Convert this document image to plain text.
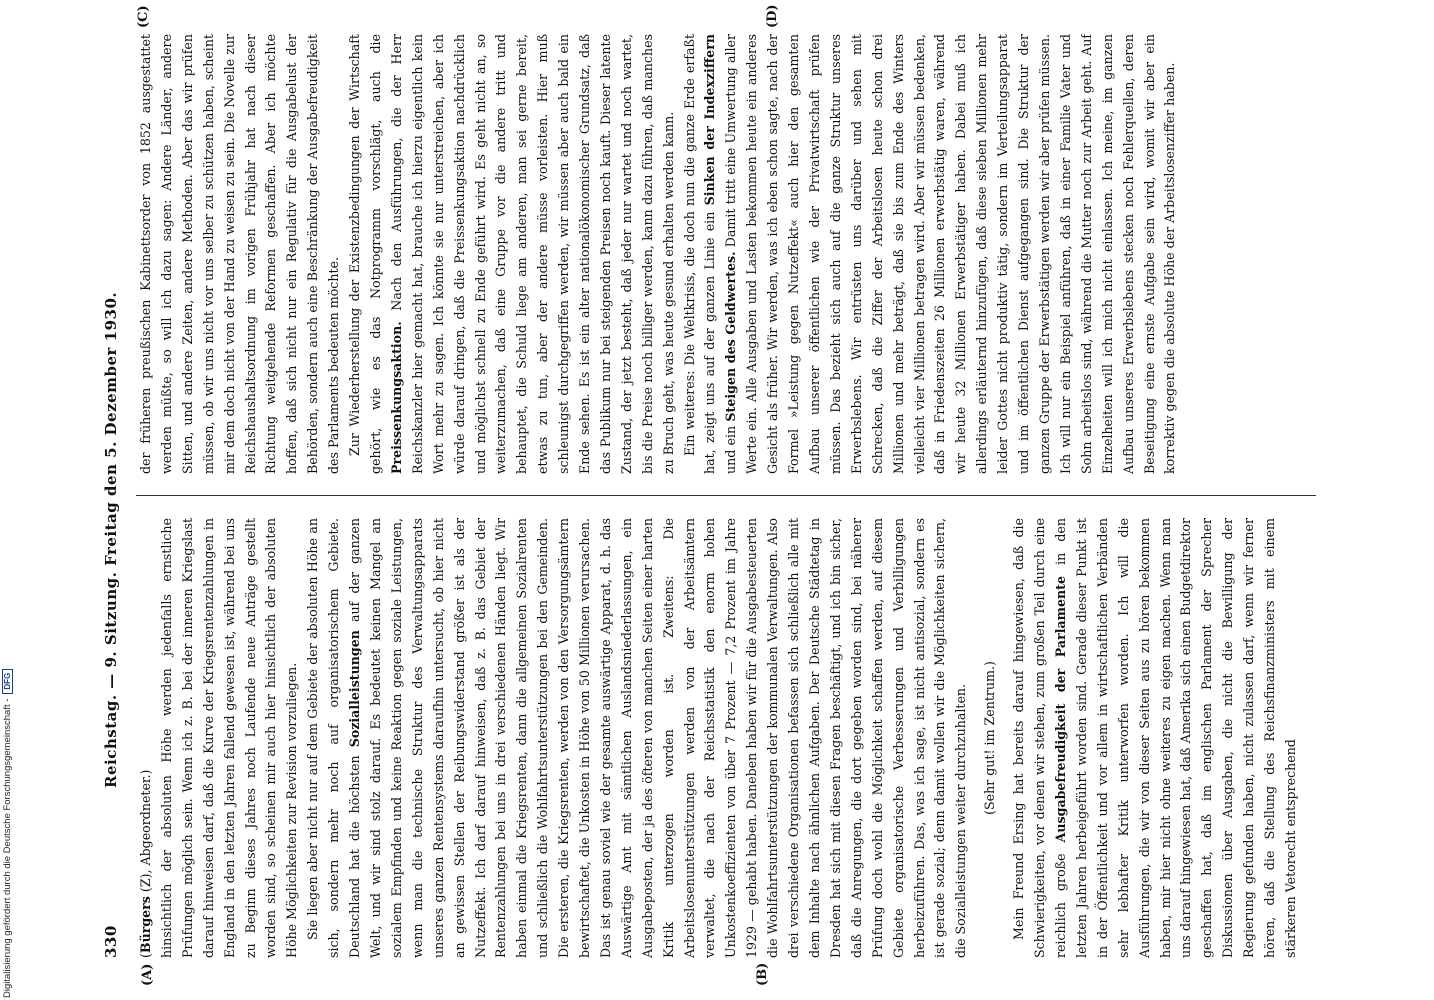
330
Reichstag. — 9. Sitzung. Freitag den 5. Dezember 1930.

(Bürgers (Z), Abgeordneter.) hinsichtlich der absoluten Höhe werden jedenfalls ernstliche Prüfungen möglich sein. Wenn ich z. B. bei der inneren Kriegslast darauf hinweisen darf, daß die Kurve der Kriegsrentenzahlungen in England in den letzten Jahren fallend gewesen ist, während bei uns zu Beginn dieses Jahres noch Laufende neue Anträge gestellt worden sind, so scheinen mir auch hier hinsichtlich der absoluten Höhe Möglichkeiten zur Revision vorzuliegen. Sie liegen aber nicht nur auf dem Gebiete der absoluten Höhe an sich, sondern mehr noch auf organisatorischem Gebiete. Deutschland hat die höchsten Sozialleistungen auf der ganzen Welt, und wir sind stolz darauf. Es bedeutet keinen Mangel an sozialem Empfinden und keine Reaktion gegen soziale Leistungen, wenn man die technische Struktur des Verwaltungsapparats unseres ganzen Rentensystems daraufhin untersucht, ob hier nicht an gewissen Stellen der Reibungswiderstand größer ist als der Nutzeffekt. Ich darf darauf hinweisen, daß z. B. das Gebiet der Rentenzahlungen bei uns in drei verschiedenen Händen liegt. Wir haben einmal die Kriegsrenten, dann die allgemeinen Sozialrenten und schließlich die Wohlfahrtsunterstützungen bei den Gemeinden. Die ersteren, die Kriegsrenten, werden von den Versorgungsämtern bewirtschaftet, die Unkosten in Höhe von 50 Millionen verursachen. Das ist genau soviel wie der gesamte auswärtige Apparat, d. h. das Auswärtige Amt mit sämtlichen Auslandsniederlassungen, ein Ausgabeposten, der ja des öfteren von manchen Seiten einer harten Kritik unterzogen worden ist. Zweitens: Die Arbeitslosenunterstützungen werden von der Arbeitsämtern verwaltet, die nach der Reichsstatistik den enorm hohen Unkostenkoeffizienten von über 7 Prozent — 7,2 Prozent im Jahre 1929 — gehabt haben. Daneben haben wir für die Ausgabesteuerten die Wohlfahrtsunterstützungen der kommunalen Verwaltungen. Also drei verschiedene Organisationen befassen sich schließlich alle mit dem Inhalte nach ähnlichen Aufgaben. Der Deutsche Städtetag in Dresden hat sich mit diesen Fragen beschäftigt, und ich bin sicher, daß die Anregungen, die dort gegeben worden sind, bei näherer Prüfung doch wohl die Möglichkeit schaffen werden, auf diesem Gebiete organisatorische Verbesserungen und Verbilligungen herbeizuführen. Das, was ich sage, ist nicht antisozial, sondern es ist gerade sozial; denn damit wollen wir die Möglichkeiten sichern, die Sozialleistungen weiter durchzuhalten.	(Sehr gut! im Zentrum.)	Mein Freund Ersing hat bereits darauf hingewiesen, daß die Schwierigkeiten, vor denen wir stehen, zum großen Teil durch eine reichlich große Ausgabefreudigkeit der Parlamente in den letzten Jahren herbeigeführt worden sind. Gerade dieser Punkt ist in der Öffentlichkeit und vor allem in wirtschaftlichen Verbänden sehr lebhafter Kritik unterworfen worden. Ich will die Ausführungen, die wir von dieser Seiten aus zu hören bekommen haben, mir hier nicht ohne weiteres zu eigen machen. Wenn man uns darauf hingewiesen hat, daß Amerika sich einen Budgetdirektor geschaffen hat, daß im englischen Parlament der Sprecher Diskussionen über Ausgaben, die nicht die Bewilligung der Regierung gefunden haben, nicht zulassen darf, wenn wir ferner hören, daß die Stellung des Reichsfinanzministers mit einem stärkeren Vetorecht entsprechend

der früheren preußischen Kabinettsorder von 1852 ausgestattet werden müßte, so will ich dazu sagen: Andere Länder, andere Sitten, und andere Zeiten, andere Methoden. Aber das wir prüfen müssen, ob wir uns nicht vor uns selber zu schützen haben, scheint mir dem doch nicht von der Hand zu weisen zu sein. Die Novelle zur Reichshaushaltsordnung im vorigen Frühjahr hat nach dieser Richtung weitgehende Reformen geschaffen. Aber ich möchte hoffen, daß sich nicht nur ein Regulativ für die Ausgabelust der Behörden, sondern auch eine Beschränkung der Ausgabefreudigkeit des Parlaments bedeuten möchte. Zur Wiederherstellung der Existenzbedingungen der Wirtschaft gehört, wie es das Notprogramm vorschlägt, auch die Preissenkungsaktion. Nach den Ausführungen, die der Herr Reichskanzler hier gemacht hat, brauche ich hierzu eigentlich kein Wort mehr zu sagen. Ich könnte sie nur unterstreichen, aber ich würde darauf dringen, daß die Preissenkungsaktion nachdrücklich und möglichst schnell zu Ende geführt wird. Es geht nicht an, so weiterzumachen, daß eine Gruppe vor die andere tritt und behauptet, die Schuld liege am anderen, man sei gerne bereit, etwas zu tun, aber der andere müsse vorleisten. Hier muß schleunigst durchgegriffen werden, wir müssen aber auch bald ein Ende sehen. Es ist ein alter nationalökonomischer Grundsatz, daß das Publikum nur bei steigenden Preisen noch kauft. Dieser latente Zustand, der jetzt besteht, daß jeder nur wartet und noch wartet, bis die Preise noch billiger werden, kann dazu führen, daß manches zu Bruch geht, was heute gesund erhalten werden kann. Ein weiteres: Die Weltkrisis, die doch nun die ganze Erde erfaßt hat, zeigt uns auf der ganzen Linie ein Sinken der Indexziffern und ein Steigen des Geldwertes. Damit tritt eine Umwertung aller Werte ein. Alle Ausgaben und Lasten bekommen heute ein anderes Gesicht als früher. Wir werden, was ich eben schon sagte, nach der Formel »Leistung gegen Nutzeffekt« auch hier den gesamten Aufbau unserer öffentlichen wie der Privatwirtschaft prüfen müssen. Das bezieht sich auch auf die ganze Struktur unseres Erwerbslebens. Wir entrüsten uns darüber und sehen mit Schrecken, daß die Ziffer der Arbeitslosen heute schon drei Millionen und mehr beträgt, daß sie bis zum Ende des Winters vielleicht vier Millionen betragen wird. Aber wir müssen bedenken, daß in Friedenszeiten 26 Millionen erwerbstätig waren, während wir heute 32 Millionen Erwerbstätiger haben. Dabei muß ich allerdings erläuternd hinzufügen, daß diese sieben Millionen mehr leider Gottes nicht produktiv tätig, sondern im Verteilungsapparat und im öffentlichen Dienst aufgegangen sind. Die Struktur der ganzen Gruppe der Erwerbstätigen werden wir aber prüfen müssen. Ich will nur ein Beispiel anführen, daß in einer Familie Vater und Sohn arbeitslos sind, während die Mutter noch zur Arbeit geht. Auf Einzelheiten will ich mich nicht einlassen. Ich meine, im ganzen Aufbau unseres Erwerbslebens stecken noch Fehlerquellen, deren Beseitigung eine ernste Aufgabe sein wird, womit wir aber ein korrektiv gegen die absolute Höhe der Arbeitslosenziffer haben.

(A)	(B)
(C)	(D)
Digitalisierung gefördert durch die Deutsche Forschungsgemeinschaft -DFG
